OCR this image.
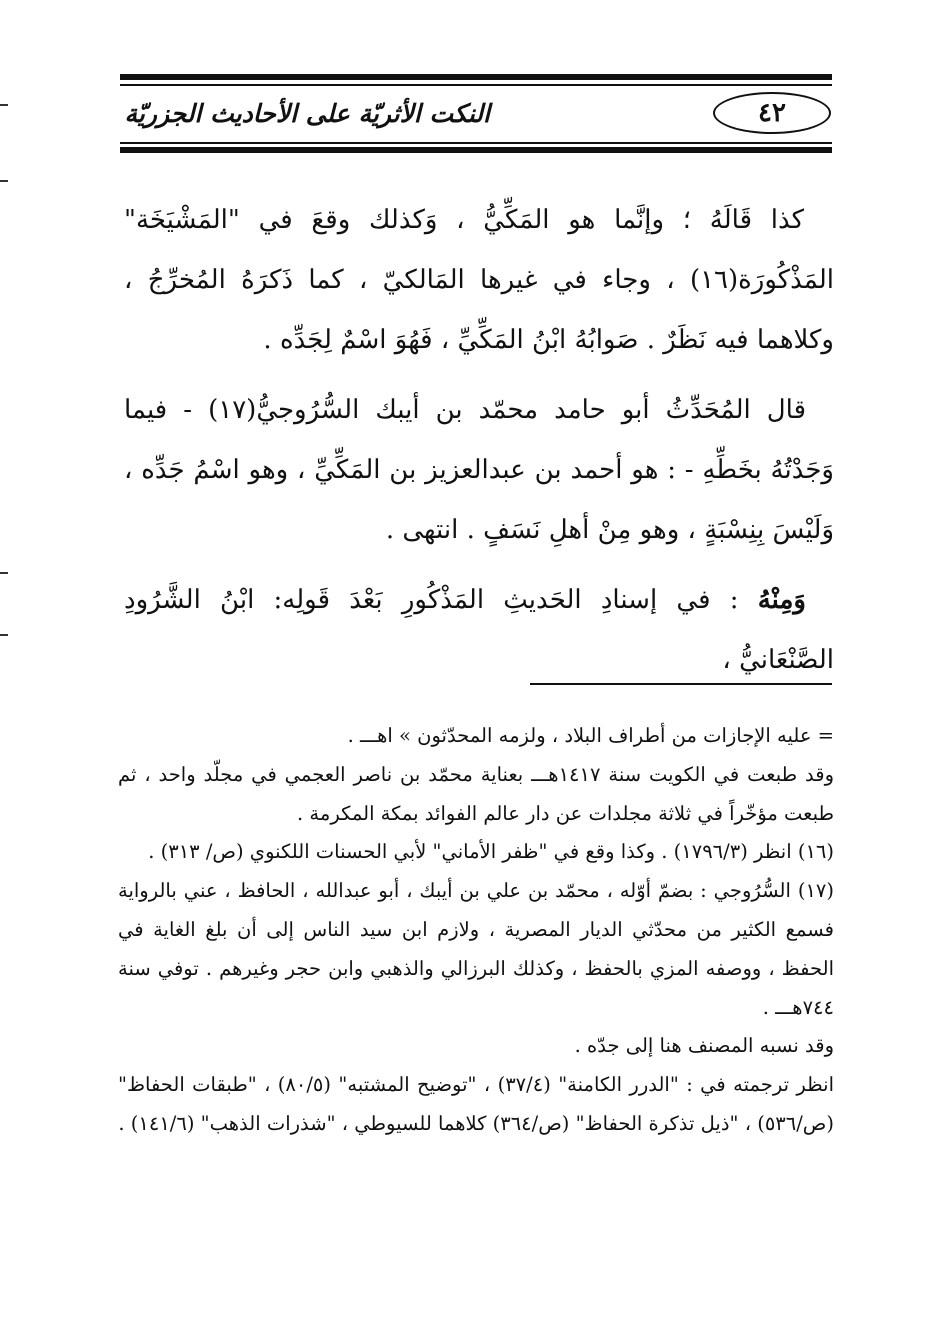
٤٢
النكت الأثريّة على الأحاديث الجزريّة

كذا قَالَهُ ؛ وإنَّما هو المَكِّيُّ ، وَكذلك وقعَ في "المَشْيَخَة" المَذْكُورَة(١٦) ، وجاء في غيرها المَالكيّ ، كما ذَكرَهُ المُخرِّجُ ، وكلاهما فيه نَظَرٌ . صَوابُهُ ابْنُ المَكِّيِّ ، فَهُوَ اسْمٌ لِجَدِّه .

قال المُحَدِّثُ أبو حامد محمّد بن أيبك السُّرُوجيُّ(١٧) - فيما وَجَدْتُهُ بخَطِّهِ - : هو أحمد بن عبدالعزيز بن المَكِّيِّ ، وهو اسْمُ جَدِّه ، وَلَيْسَ بِنِسْبَةٍ ، وهو مِنْ أهلِ نَسَفٍ . انتهى .

وَمِنْهُ : في إسنادِ الحَديثِ المَذْكُورِ بَعْدَ قَولِه: ابْنُ الشَّرُودِ الصَّنْعَانيُّ ،

= عليه الإجازات من أطراف البلاد ، ولزمه المحدّثون » اهـــ .

وقد طبعت في الكويت سنة ١٤١٧هـــ بعناية محمّد بن ناصر العجمي في مجلّد واحد ، ثم طبعت مؤخّراً في ثلاثة مجلدات عن دار عالم الفوائد بمكة المكرمة .

(١٦) انظر (١٧٩٦/٣) . وكذا وقع في "ظفر الأماني" لأبي الحسنات اللكنوي (ص/ ٣١٣) .

(١٧) السُّرُوجي : بضمّ أوّله ، محمّد بن علي بن أيبك ، أبو عبدالله ، الحافظ ، عني بالرواية فسمع الكثير من محدّثي الديار المصرية ، ولازم ابن سيد الناس إلى أن بلغ الغاية في الحفظ ، ووصفه المزي بالحفظ ، وكذلك البرزالي والذهبي وابن حجر وغيرهم . توفي سنة ٧٤٤هـــ .

وقد نسبه المصنف هنا إلى جدّه .

انظر ترجمته في : "الدرر الكامنة" (٣٧/٤) ، "توضيح المشتبه" (٨٠/٥) ، "طبقات الحفاظ" (ص/٥٣٦) ، "ذيل تذكرة الحفاظ" (ص/٣٦٤) كلاهما للسيوطي ، "شذرات الذهب" (١٤١/٦) .
